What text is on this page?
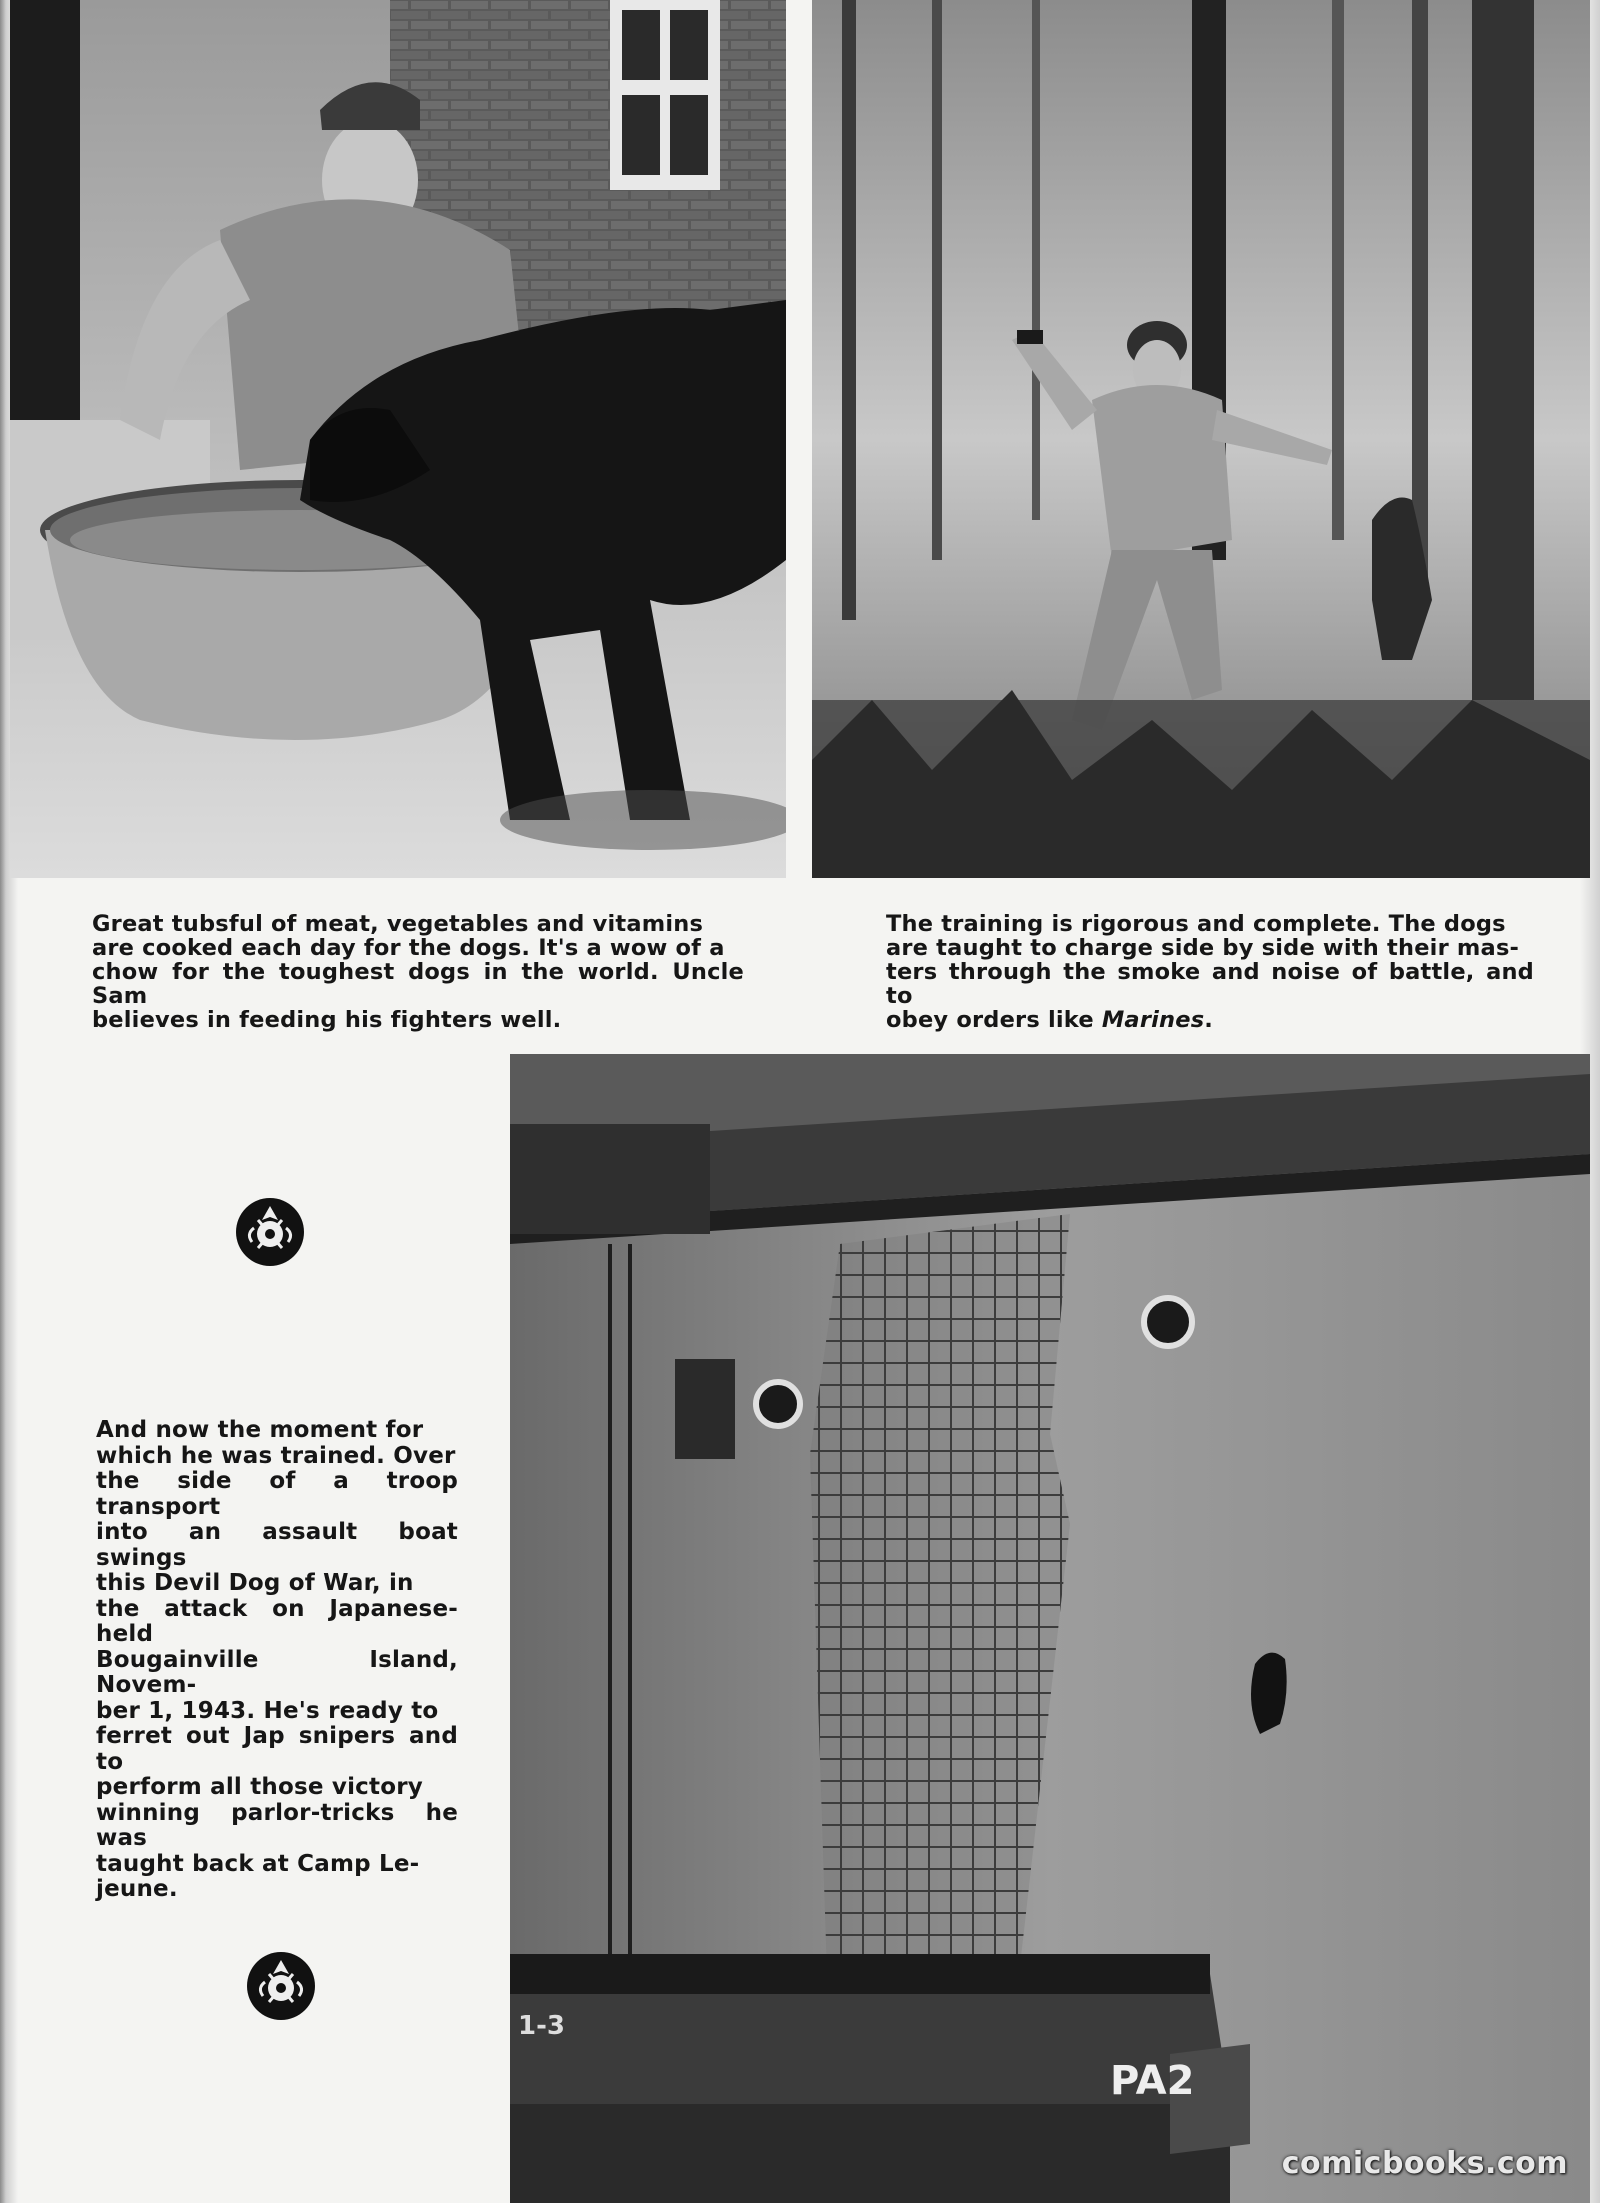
Great tubsful of meat, vegetables and vitamins
are cooked each day for the dogs. It's a wow of a
chow for the toughest dogs in the world. Uncle Sam
believes in feeding his fighters well.

The training is rigorous and complete. The dogs
are taught to charge side by side with their mas-
ters through the smoke and noise of battle, and to
obey orders like Marines.

And now the moment for
which he was trained. Over
the side of a troop transport
into an assault boat swings
this Devil Dog of War, in
the attack on Japanese-held
Bougainville Island, Novem-
ber 1, 1943. He's ready to
ferret out Jap snipers and to
perform all those victory
winning parlor-tricks he was
taught back at Camp Le-
jeune.

PA2
1-3
comicbooks.com
